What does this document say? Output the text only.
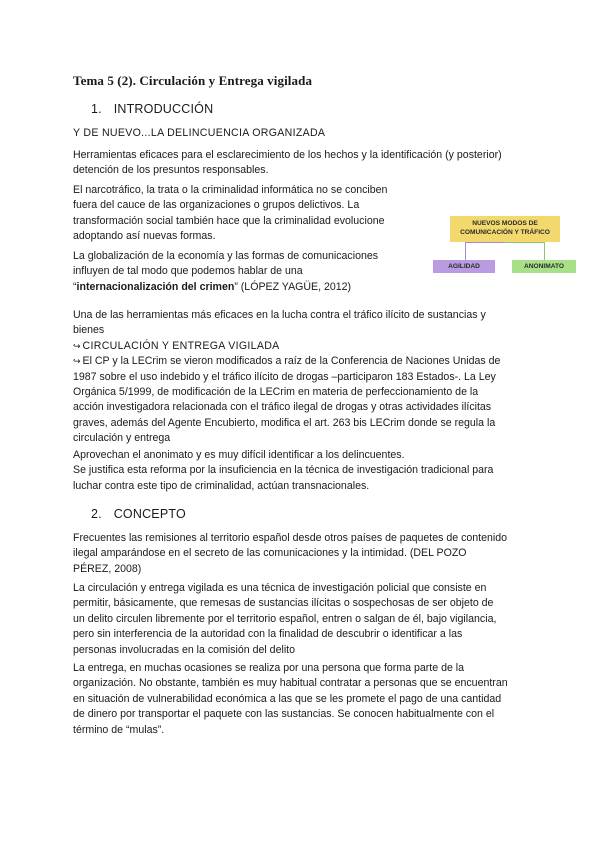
Tema 5 (2). Circulación y Entrega vigilada
1. INTRODUCCIÓN
Y DE NUEVO...LA DELINCUENCIA ORGANIZADA
Herramientas eficaces para el esclarecimiento de los hechos y la identificación (y posterior)
detención de los presuntos responsables.
El narcotráfico, la trata o la criminalidad informática no se conciben
fuera del cauce de las organizaciones o grupos delictivos. La
transformación social también hace que la criminalidad evolucione
adoptando así nuevas formas.
La globalización de la economía y las formas de comunicaciones
influyen de tal modo que podemos hablar de una
“internacionalización del crimen” (LÓPEZ YAGÜE, 2012)
NUEVOS MODOS DE
COMUNICACIÓN Y TRÁFICO
AGILIDAD	ANONIMATO
Una de las herramientas más eficaces en la lucha contra el tráfico ilícito de sustancias y
bienes
↪ CIRCULACIÓN Y ENTREGA VIGILADA
↪ El CP y la LECrim se vieron modificados a raíz de la Conferencia de Naciones Unidas de
1987 sobre el uso indebido y el tráfico ilícito de drogas –participaron 183 Estados-. La Ley
Orgánica 5/1999, de modificación de la LECrim en materia de perfeccionamiento de la
acción investigadora relacionada con el tráfico ilegal de drogas y otras actividades ilícitas
graves, además del Agente Encubierto, modifica el art. 263 bis LECrim donde se regula la
circulación y entrega
Aprovechan el anonimato y es muy difícil identificar a los delincuentes.
Se justifica esta reforma por la insuficiencia en la técnica de investigación tradicional para
luchar contra este tipo de criminalidad, actúan transnacionales.
2. CONCEPTO
Frecuentes las remisiones al territorio español desde otros países de paquetes de contenido
ilegal amparándose en el secreto de las comunicaciones y la intimidad. (DEL POZO
PÉREZ, 2008)
La circulación y entrega vigilada es una técnica de investigación policial que consiste en
permitir, básicamente, que remesas de sustancias ilícitas o sospechosas de ser objeto de
un delito circulen libremente por el territorio español, entren o salgan de él, bajo vigilancia,
pero sin interferencia de la autoridad con la finalidad de descubrir o identificar a las
personas involucradas en la comisión del delito
La entrega, en muchas ocasiones se realiza por una persona que forma parte de la
organización. No obstante, también es muy habitual contratar a personas que se encuentran
en situación de vulnerabilidad económica a las que se les promete el pago de una cantidad
de dinero por transportar el paquete con las sustancias. Se conocen habitualmente con el
término de “mulas”.
